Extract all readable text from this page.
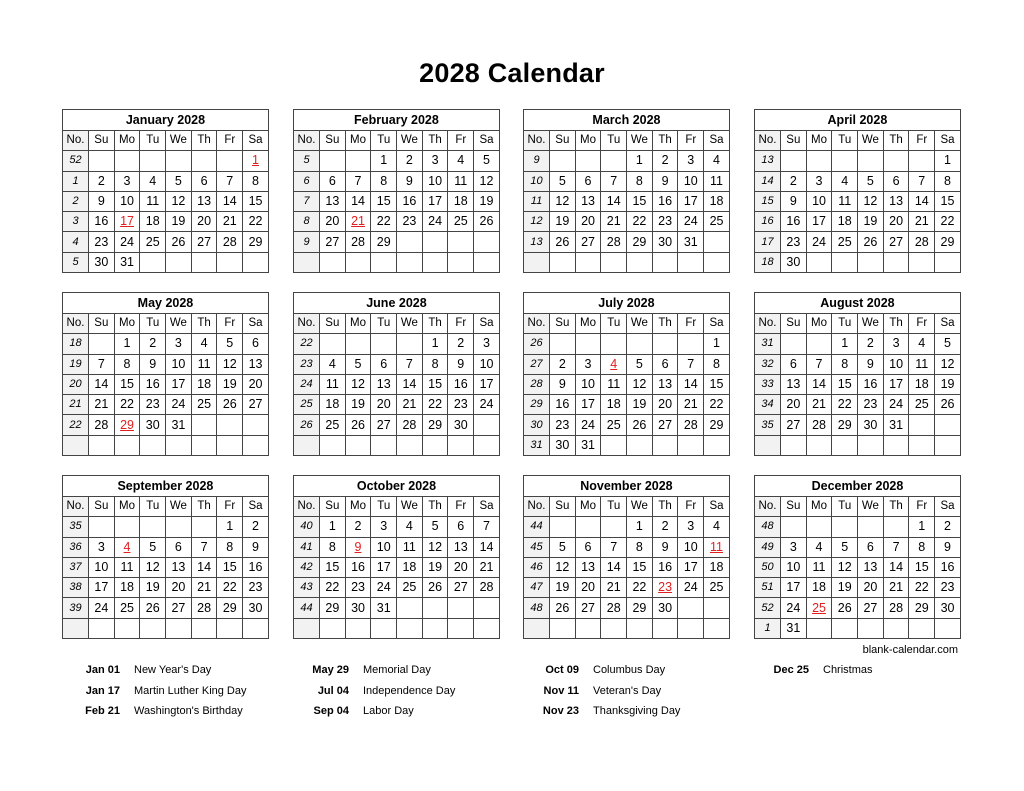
2028 Calendar
January 2028							
No.	Su	Mo	Tu	We	Th	Fr	Sa
52							1
1	2	3	4	5	6	7	8
2	9	10	11	12	13	14	15
3	16	17	18	19	20	21	22
4	23	24	25	26	27	28	29
5	30	31					
February 2028							
No.	Su	Mo	Tu	We	Th	Fr	Sa
5			1	2	3	4	5
6	6	7	8	9	10	11	12
7	13	14	15	16	17	18	19
8	20	21	22	23	24	25	26
9	27	28	29				

March 2028							
No.	Su	Mo	Tu	We	Th	Fr	Sa
9				1	2	3	4
10	5	6	7	8	9	10	11
11	12	13	14	15	16	17	18
12	19	20	21	22	23	24	25
13	26	27	28	29	30	31	

April 2028							
No.	Su	Mo	Tu	We	Th	Fr	Sa
13							1
14	2	3	4	5	6	7	8
15	9	10	11	12	13	14	15
16	16	17	18	19	20	21	22
17	23	24	25	26	27	28	29
18	30						
May 2028							
No.	Su	Mo	Tu	We	Th	Fr	Sa
18		1	2	3	4	5	6
19	7	8	9	10	11	12	13
20	14	15	16	17	18	19	20
21	21	22	23	24	25	26	27
22	28	29	30	31			

June 2028							
No.	Su	Mo	Tu	We	Th	Fr	Sa
22					1	2	3
23	4	5	6	7	8	9	10
24	11	12	13	14	15	16	17
25	18	19	20	21	22	23	24
26	25	26	27	28	29	30	

July 2028							
No.	Su	Mo	Tu	We	Th	Fr	Sa
26							1
27	2	3	4	5	6	7	8
28	9	10	11	12	13	14	15
29	16	17	18	19	20	21	22
30	23	24	25	26	27	28	29
31	30	31					
August 2028							
No.	Su	Mo	Tu	We	Th	Fr	Sa
31			1	2	3	4	5
32	6	7	8	9	10	11	12
33	13	14	15	16	17	18	19
34	20	21	22	23	24	25	26
35	27	28	29	30	31		

September 2028							
No.	Su	Mo	Tu	We	Th	Fr	Sa
35						1	2
36	3	4	5	6	7	8	9
37	10	11	12	13	14	15	16
38	17	18	19	20	21	22	23
39	24	25	26	27	28	29	30

October 2028							
No.	Su	Mo	Tu	We	Th	Fr	Sa
40	1	2	3	4	5	6	7
41	8	9	10	11	12	13	14
42	15	16	17	18	19	20	21
43	22	23	24	25	26	27	28
44	29	30	31				

November 2028							
No.	Su	Mo	Tu	We	Th	Fr	Sa
44				1	2	3	4
45	5	6	7	8	9	10	11
46	12	13	14	15	16	17	18
47	19	20	21	22	23	24	25
48	26	27	28	29	30		

December 2028							
No.	Su	Mo	Tu	We	Th	Fr	Sa
48						1	2
49	3	4	5	6	7	8	9
50	10	11	12	13	14	15	16
51	17	18	19	20	21	22	23
52	24	25	26	27	28	29	30
1	31						
blank-calendar.com
Jan 01	New Year's Day
Jan 17	Martin Luther King Day
Feb 21	Washington's Birthday
May 29	Memorial Day
Jul 04	Independence Day
Sep 04	Labor Day
Oct 09	Columbus Day
Nov 11	Veteran's Day
Nov 23	Thanksgiving Day
Dec 25	Christmas
